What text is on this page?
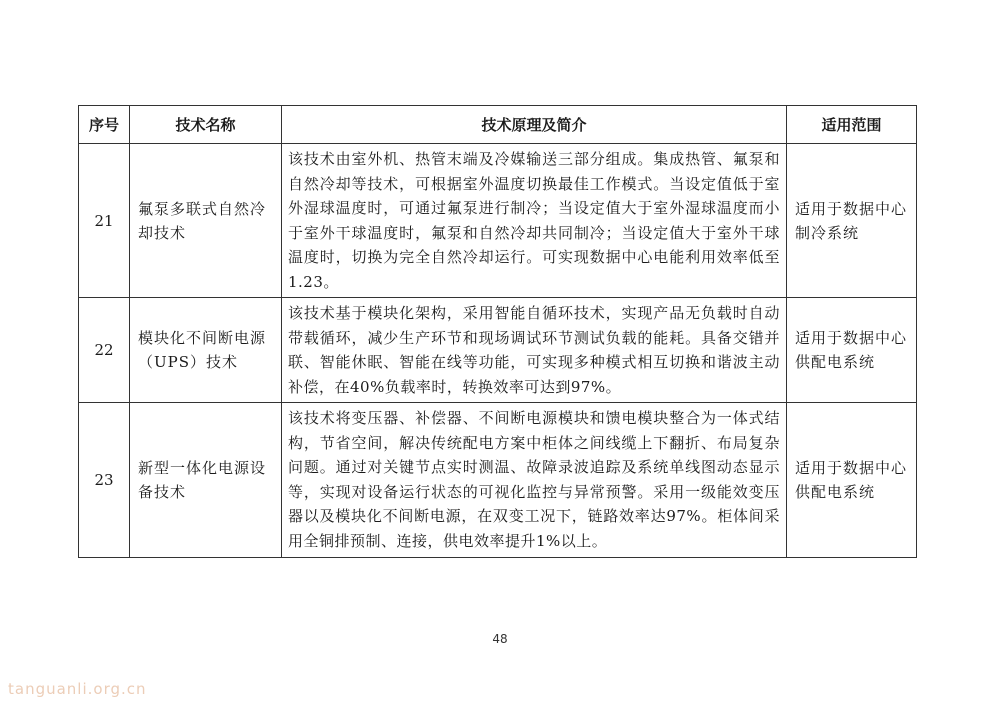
序号	技术名称	技术原理及简介	适用范围
21	氟泵多联式自然冷却技术	该技术由室外机、热管末端及冷媒输送三部分组成。集成热管、氟泵和自然冷却等技术，可根据室外温度切换最佳工作模式。当设定值低于室外湿球温度时，可通过氟泵进行制冷；当设定值大于室外湿球温度而小于室外干球温度时，氟泵和自然冷却共同制冷；当设定值大于室外干球温度时，切换为完全自然冷却运行。可实现数据中心电能利用效率低至1.23。	适用于数据中心制冷系统
22	模块化不间断电源（UPS）技术	该技术基于模块化架构，采用智能自循环技术，实现产品无负载时自动带载循环，减少生产环节和现场调试环节测试负载的能耗。具备交错并联、智能休眠、智能在线等功能，可实现多种模式相互切换和谐波主动补偿，在40%负载率时，转换效率可达到97%。	适用于数据中心供配电系统
23	新型一体化电源设备技术	该技术将变压器、补偿器、不间断电源模块和馈电模块整合为一体式结构，节省空间，解决传统配电方案中柜体之间线缆上下翻折、布局复杂问题。通过对关键节点实时测温、故障录波追踪及系统单线图动态显示等，实现对设备运行状态的可视化监控与异常预警。采用一级能效变压器以及模块化不间断电源，在双变工况下，链路效率达97%。柜体间采用全铜排预制、连接，供电效率提升1%以上。	适用于数据中心供配电系统
48
tanguanli.org.cn
